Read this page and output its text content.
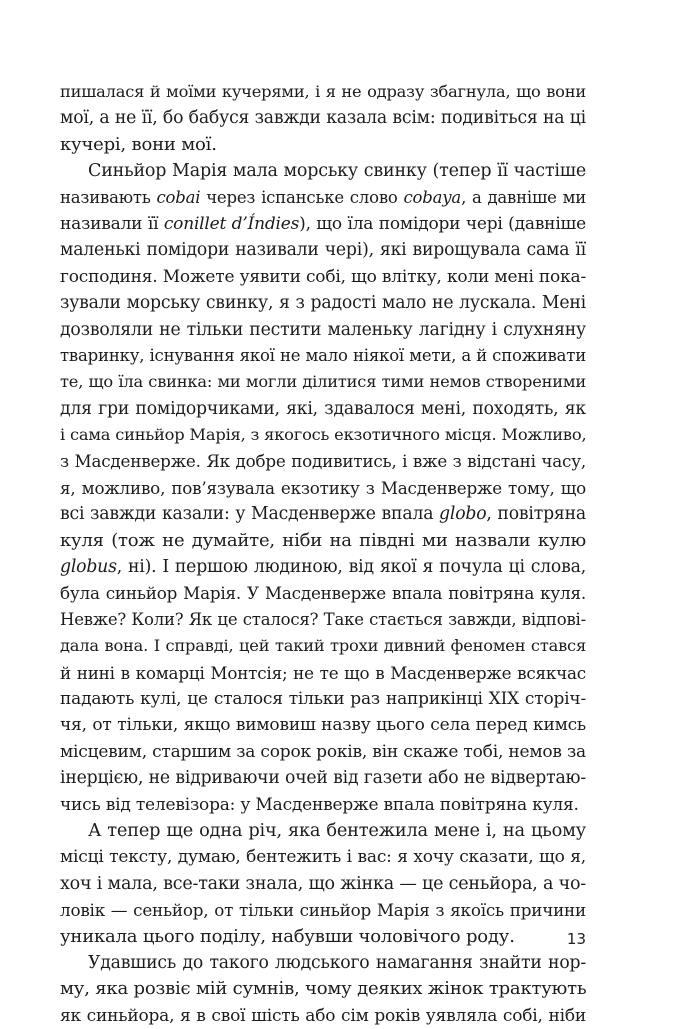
пишалася й моїми кучерями, і я не одразу збагнула, що вони
мої, а не її, бо бабуся завжди казала всім: подивіться на ці
кучері, вони мої.
Синьйор Марія мала морську свинку (тепер її частіше
називають cobai через іспанське слово cobaya, а давніше ми
називали її conillet d’Índies), що їла помідори чері (давніше
маленькі помідори називали чері), які вирощувала сама її
господиня. Можете уявити собі, що влітку, коли мені пока-
зували морську свинку, я з радості мало не лускала. Мені
дозволяли не тільки пестити маленьку лагідну і слухняну
тваринку, існування якої не мало ніякої мети, а й споживати
те, що їла свинка: ми могли ділитися тими немов створеними
для гри помідорчиками, які, здавалося мені, походять, як
і сама синьйор Марія, з якогось екзотичного місця. Можливо,
з Масденверже. Як добре подивитись, і вже з відстані часу,
я, можливо, пов’язувала екзотику з Масденверже тому, що
всі завжди казали: у Масденверже впала globo, повітряна
куля (тож не думайте, ніби на півдні ми назвали кулю
globus, ні). І першою людиною, від якої я почула ці слова,
була синьйор Марія. У Масденверже впала повітряна куля.
Невже? Коли? Як це сталося? Таке стається завжди, відпові-
дала вона. І справді, цей такий трохи дивний феномен стався
й нині в комарці Монтсія; не те що в Масденверже всякчас
падають кулі, це сталося тільки раз наприкінці XIX сторіч-
чя, от тільки, якщо вимовиш назву цього села перед кимсь
місцевим, старшим за сорок років, він скаже тобі, немов за
інерцією, не відриваючи очей від газети або не відвертаю-
чись від телевізора: у Масденверже впала повітряна куля.
А тепер ще одна річ, яка бентежила мене і, на цьому
місці тексту, думаю, бентежить і вас: я хочу сказати, що я,
хоч і мала, все-таки знала, що жінка — це сеньйора, а чо-
ловік — сеньйор, от тільки синьйор Марія з якоїсь причини
уникала цього поділу, набувши чоловічого роду.
Удавшись до такого людського намагання знайти нор-
му, яка розвіє мій сумнів, чому деяких жінок трактують
як синьйора, я в свої шість або сім років уявляла собі, ніби
13
